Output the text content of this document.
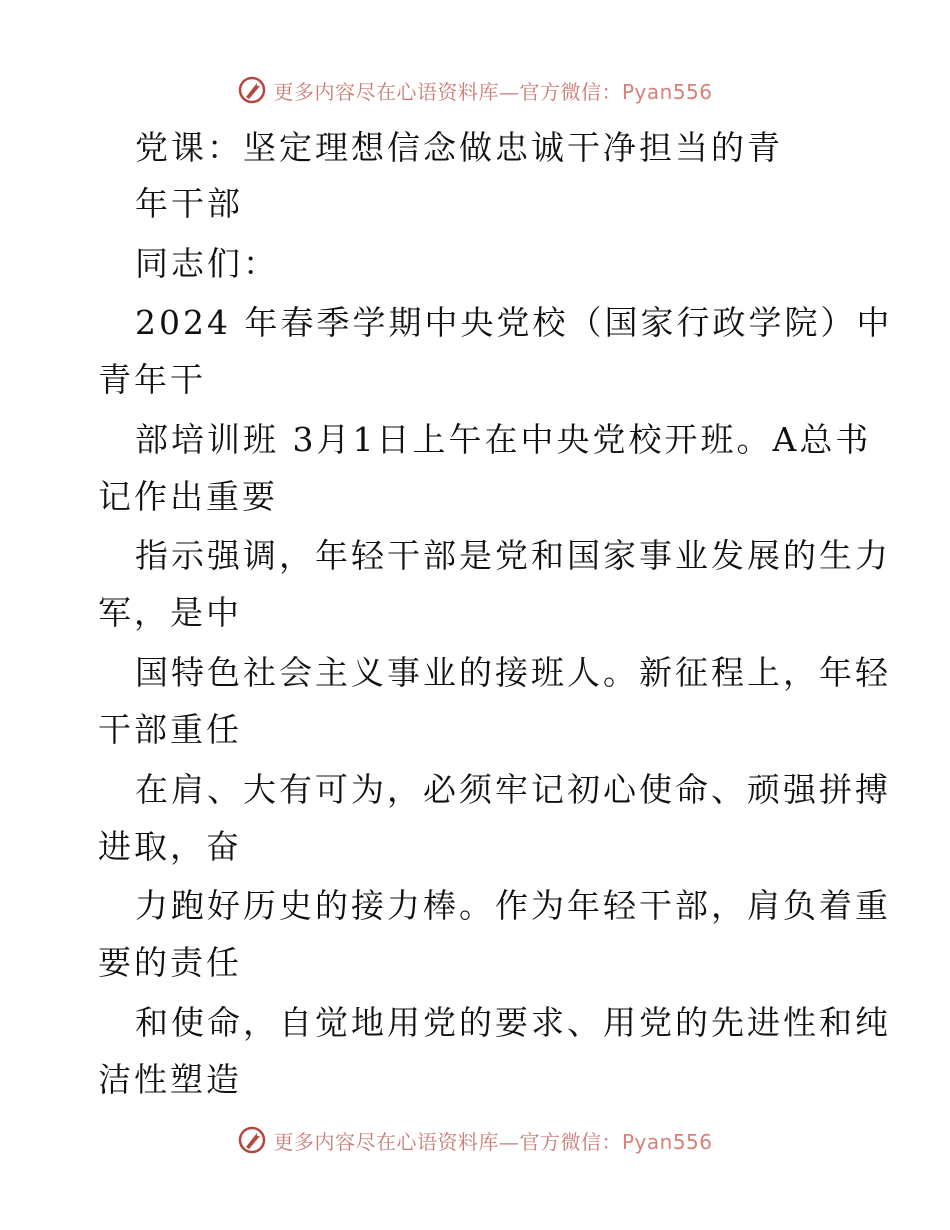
更多内容尽在心语资料库—官方微信：Pyan556
党课：坚定理想信念做忠诚干净担当的青
年干部
同志们：
2024 年春季学期中央党校（国家行政学院）中
青年干
部培训班 3月1日上午在中央党校开班。A总书
记作出重要
指示强调，年轻干部是党和国家事业发展的生力
军，是中
国特色社会主义事业的接班人。新征程上，年轻
干部重任
在肩、大有可为，必须牢记初心使命、顽强拼搏
进取，奋
力跑好历史的接力棒。作为年轻干部，肩负着重
要的责任
和使命，自觉地用党的要求、用党的先进性和纯
洁性塑造
更多内容尽在心语资料库—官方微信：Pyan556
